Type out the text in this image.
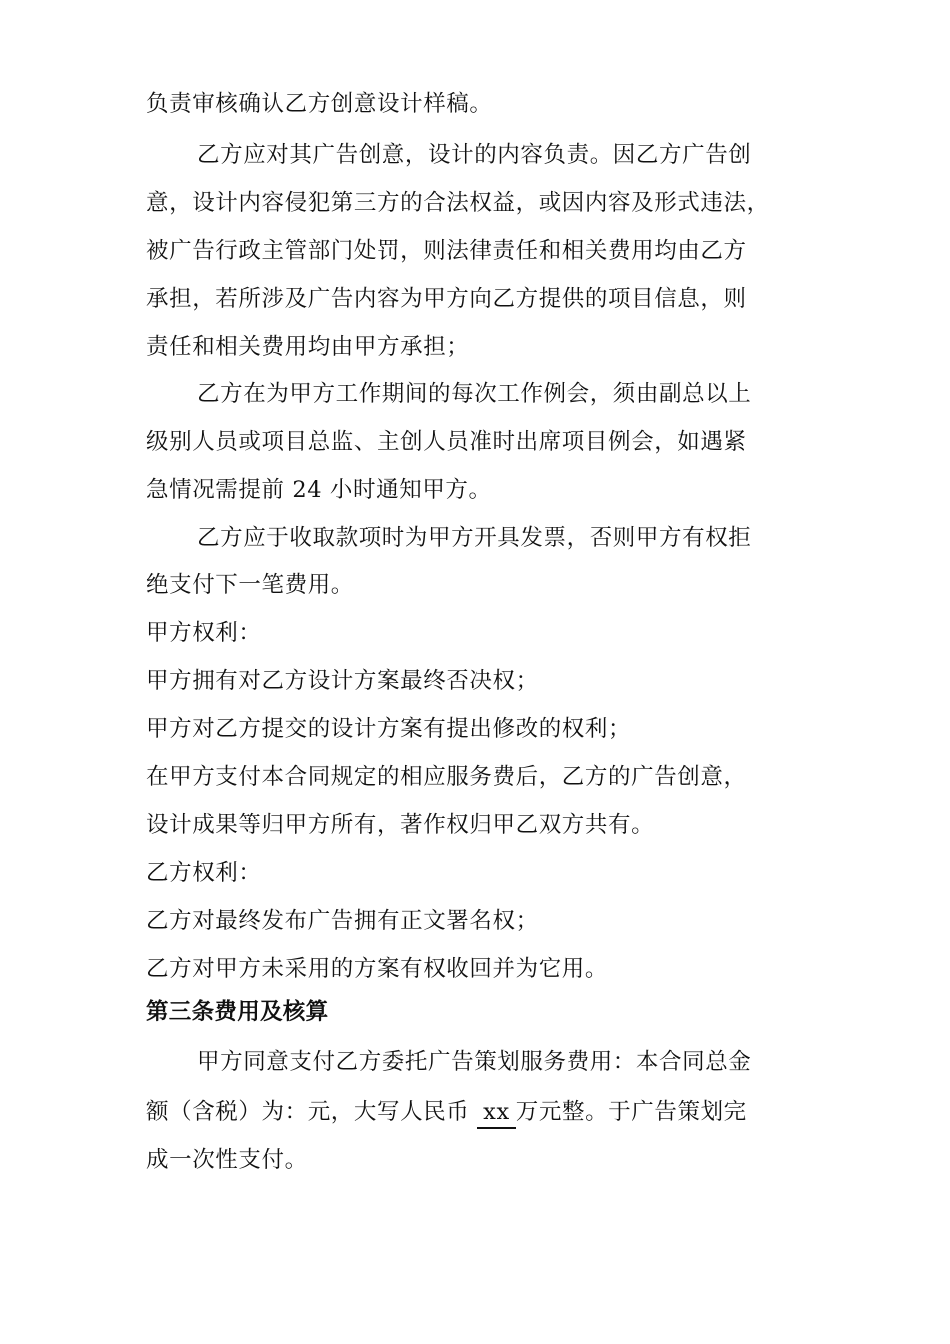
负责审核确认乙方创意设计样稿。
乙方应对其广告创意，设计的内容负责。因乙方广告创
意，设计内容侵犯第三方的合法权益，或因内容及形式违法，
被广告行政主管部门处罚，则法律责任和相关费用均由乙方
承担，若所涉及广告内容为甲方向乙方提供的项目信息，则
责任和相关费用均由甲方承担；
乙方在为甲方工作期间的每次工作例会，须由副总以上
级别人员或项目总监、主创人员准时出席项目例会，如遇紧
急情况需提前 24 小时通知甲方。
乙方应于收取款项时为甲方开具发票，否则甲方有权拒
绝支付下一笔费用。
甲方权利：
甲方拥有对乙方设计方案最终否决权；
甲方对乙方提交的设计方案有提出修改的权利；
在甲方支付本合同规定的相应服务费后，乙方的广告创意，
设计成果等归甲方所有，著作权归甲乙双方共有。
乙方权利：
乙方对最终发布广告拥有正文署名权；
乙方对甲方未采用的方案有权收回并为它用。
第三条费用及核算
甲方同意支付乙方委托广告策划服务费用：本合同总金
额（含税）为：元，大写人民币 xx 万元整。于广告策划完
成一次性支付。
